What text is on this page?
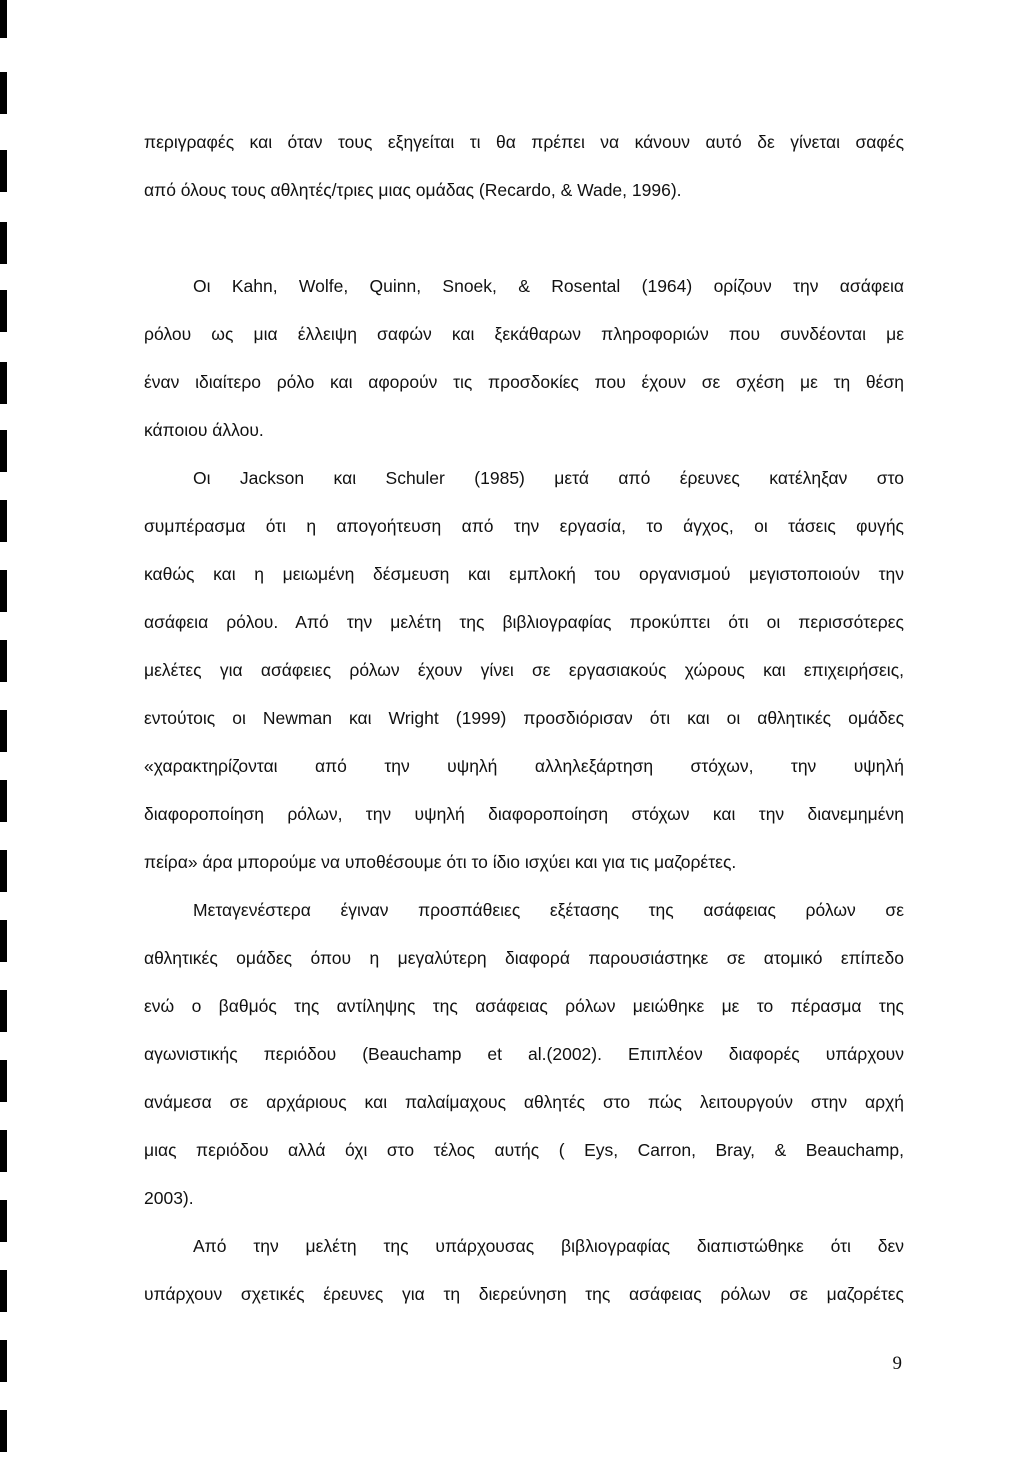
περιγραφές και όταν τους εξηγείται τι θα πρέπει να κάνουν αυτό δε γίνεται σαφές
από όλους τους αθλητές/τριες μιας ομάδας (Recardo, & Wade, 1996).
Οι Kahn, Wolfe, Quinn, Snoek, & Rosental (1964) ορίζουν την ασάφεια
ρόλου ως μια έλλειψη σαφών και ξεκάθαρων πληροφοριών που συνδέονται με
έναν ιδιαίτερο ρόλο και αφορούν τις προσδοκίες που έχουν σε σχέση με τη θέση
κάποιου άλλου.
Οι Jackson και Schuler (1985) μετά από έρευνες κατέληξαν στο
συμπέρασμα ότι η απογοήτευση από την εργασία, το άγχος, οι τάσεις φυγής
καθώς και η μειωμένη δέσμευση και εμπλοκή του οργανισμού μεγιστοποιούν την
ασάφεια ρόλου. Από την μελέτη της βιβλιογραφίας προκύπτει ότι οι περισσότερες
μελέτες για ασάφειες ρόλων έχουν γίνει σε εργασιακούς χώρους και επιχειρήσεις,
εντούτοις οι Newman και Wright (1999) προσδιόρισαν ότι και οι αθλητικές ομάδες
«χαρακτηρίζονται από την υψηλή αλληλεξάρτηση στόχων, την υψηλή
διαφοροποίηση ρόλων, την υψηλή διαφοροποίηση στόχων και την διανεμημένη
πείρα» άρα μπορούμε να υποθέσουμε ότι το ίδιο ισχύει και για τις μαζορέτες.
Μεταγενέστερα έγιναν προσπάθειες εξέτασης της ασάφειας ρόλων σε
αθλητικές ομάδες όπου η μεγαλύτερη διαφορά παρουσιάστηκε σε ατομικό επίπεδο
ενώ ο βαθμός της αντίληψης της ασάφειας ρόλων μειώθηκε με το πέρασμα της
αγωνιστικής περιόδου (Beauchamp et al.(2002). Επιπλέον διαφορές υπάρχουν
ανάμεσα σε αρχάριους και παλαίμαχους αθλητές στο πώς λειτουργούν στην αρχή
μιας περιόδου αλλά όχι στο τέλος αυτής ( Eys, Carron, Bray, & Beauchamp,
2003).
Από την μελέτη της υπάρχουσας βιβλιογραφίας διαπιστώθηκε ότι δεν
υπάρχουν σχετικές έρευνες για τη διερεύνηση της ασάφειας ρόλων σε μαζορέτες
9
